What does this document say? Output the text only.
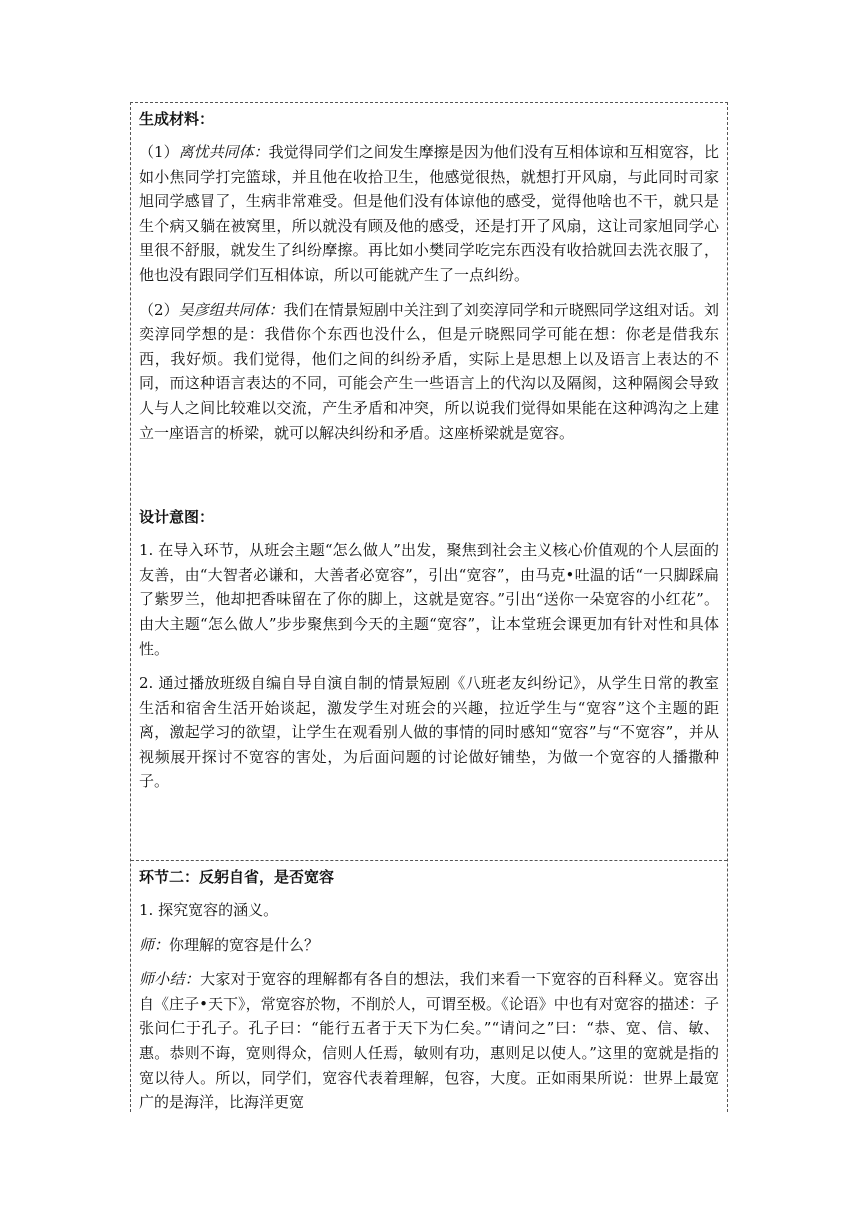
生成材料：

（1）离忧共同体：我觉得同学们之间发生摩擦是因为他们没有互相体谅和互相宽容，比如小焦同学打完篮球，并且他在收拾卫生，他感觉很热，就想打开风扇，与此同时司家旭同学感冒了，生病非常难受。但是他们没有体谅他的感受，觉得他啥也不干，就只是生个病又躺在被窝里，所以就没有顾及他的感受，还是打开了风扇，这让司家旭同学心里很不舒服，就发生了纠纷摩擦。再比如小樊同学吃完东西没有收拾就回去洗衣服了，他也没有跟同学们互相体谅，所以可能就产生了一点纠纷。

（2）吴彦组共同体：我们在情景短剧中关注到了刘奕淳同学和亓晓熙同学这组对话。刘奕淳同学想的是：我借你个东西也没什么，但是亓晓熙同学可能在想：你老是借我东西，我好烦。我们觉得，他们之间的纠纷矛盾，实际上是思想上以及语言上表达的不同，而这种语言表达的不同，可能会产生一些语言上的代沟以及隔阂，这种隔阂会导致人与人之间比较难以交流，产生矛盾和冲突，所以说我们觉得如果能在这种鸿沟之上建立一座语言的桥梁，就可以解决纠纷和矛盾。这座桥梁就是宽容。

设计意图：

1. 在导入环节，从班会主题“怎么做人”出发，聚焦到社会主义核心价值观的个人层面的友善，由“大智者必谦和，大善者必宽容”，引出“宽容”，由马克•吐温的话“一只脚踩扁了紫罗兰，他却把香味留在了你的脚上，这就是宽容。”引出“送你一朵宽容的小红花”。由大主题“怎么做人”步步聚焦到今天的主题“宽容”，让本堂班会课更加有针对性和具体性。

2. 通过播放班级自编自导自演自制的情景短剧《八班老友纠纷记》，从学生日常的教室生活和宿舍生活开始谈起，激发学生对班会的兴趣，拉近学生与“宽容”这个主题的距离，激起学习的欲望，让学生在观看别人做的事情的同时感知“宽容”与“不宽容”，并从视频展开探讨不宽容的害处，为后面问题的讨论做好铺垫，为做一个宽容的人播撒种子。

环节二：反躬自省，是否宽容

1. 探究宽容的涵义。

师：你理解的宽容是什么？

师小结：大家对于宽容的理解都有各自的想法，我们来看一下宽容的百科释义。宽容出自《庄子•天下》，常宽容於物，不削於人，可谓至极。《论语》中也有对宽容的描述：子张问仁于孔子。孔子曰：“能行五者于天下为仁矣。”“请问之”曰：“恭、宽、信、敏、惠。恭则不诲，宽则得众，信则人任焉，敏则有功，惠则足以使人。”这里的宽就是指的宽以待人。所以，同学们，宽容代表着理解，包容，大度。正如雨果所说：世界上最宽广的是海洋，比海洋更宽
